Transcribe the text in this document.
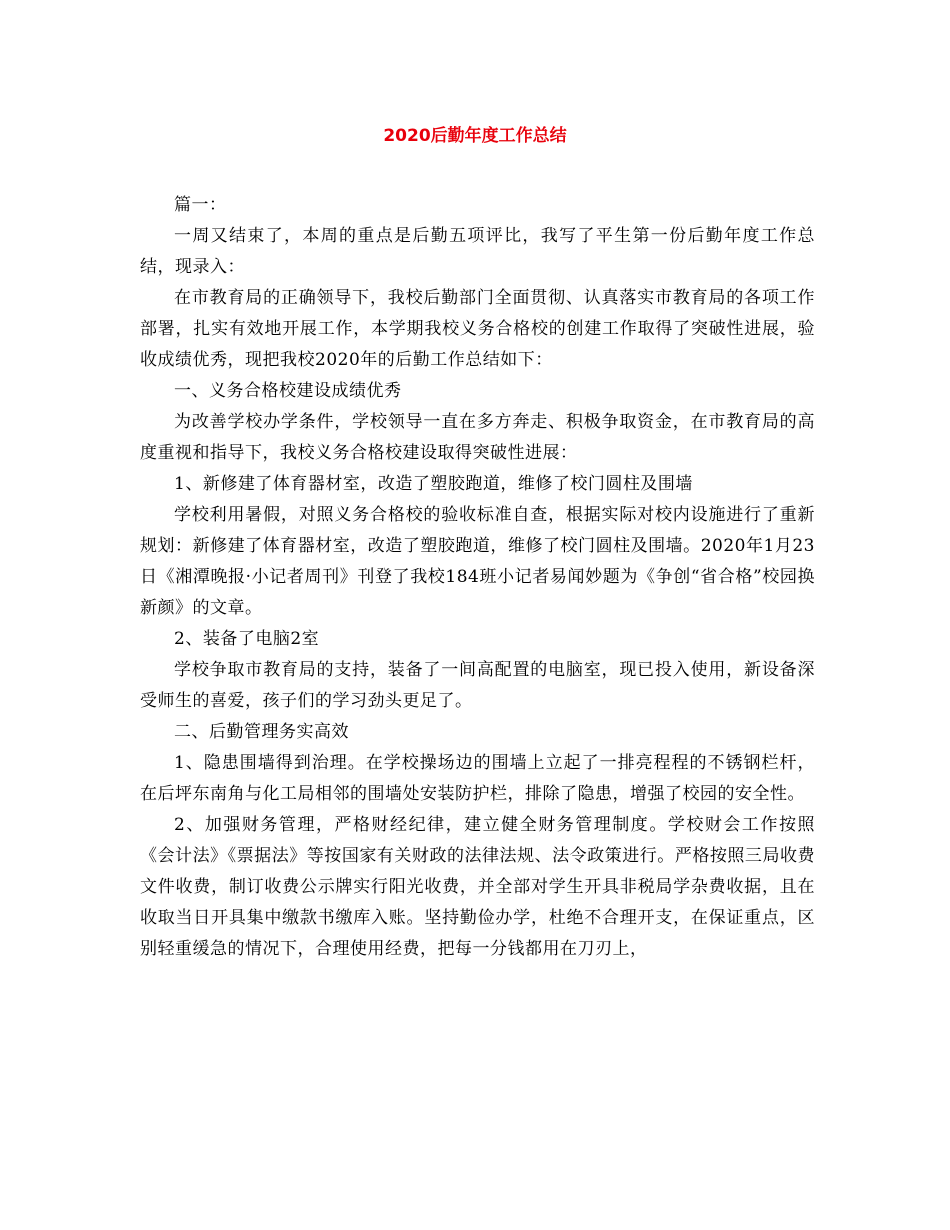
2020后勤年度工作总结

篇一：

一周又结束了，本周的重点是后勤五项评比，我写了平生第一份后勤年度工作总结，现录入：

在市教育局的正确领导下，我校后勤部门全面贯彻、认真落实市教育局的各项工作部署，扎实有效地开展工作，本学期我校义务合格校的创建工作取得了突破性进展，验收成绩优秀，现把我校2020年的后勤工作总结如下：

一、义务合格校建设成绩优秀

为改善学校办学条件，学校领导一直在多方奔走、积极争取资金，在市教育局的高度重视和指导下，我校义务合格校建设取得突破性进展：

1、新修建了体育器材室，改造了塑胶跑道，维修了校门圆柱及围墙

学校利用暑假，对照义务合格校的验收标准自查，根据实际对校内设施进行了重新规划：新修建了体育器材室，改造了塑胶跑道，维修了校门圆柱及围墙。2020年1月23日《湘潭晚报·小记者周刊》刊登了我校184班小记者易闻妙题为《争创“省合格”校园换新颜》的文章。

2、装备了电脑2室

学校争取市教育局的支持，装备了一间高配置的电脑室，现已投入使用，新设备深受师生的喜爱，孩子们的学习劲头更足了。

二、后勤管理务实高效

1、隐患围墙得到治理。在学校操场边的围墙上立起了一排亮程程的不锈钢栏杆，在后坪东南角与化工局相邻的围墙处安装防护栏，排除了隐患，增强了校园的安全性。

2、加强财务管理，严格财经纪律，建立健全财务管理制度。学校财会工作按照《会计法》《票据法》等按国家有关财政的法律法规、法令政策进行。严格按照三局收费文件收费，制订收费公示牌实行阳光收费，并全部对学生开具非税局学杂费收据，且在收取当日开具集中缴款书缴库入账。坚持勤俭办学，杜绝不合理开支，在保证重点，区别轻重缓急的情况下，合理使用经费，把每一分钱都用在刀刃上，
